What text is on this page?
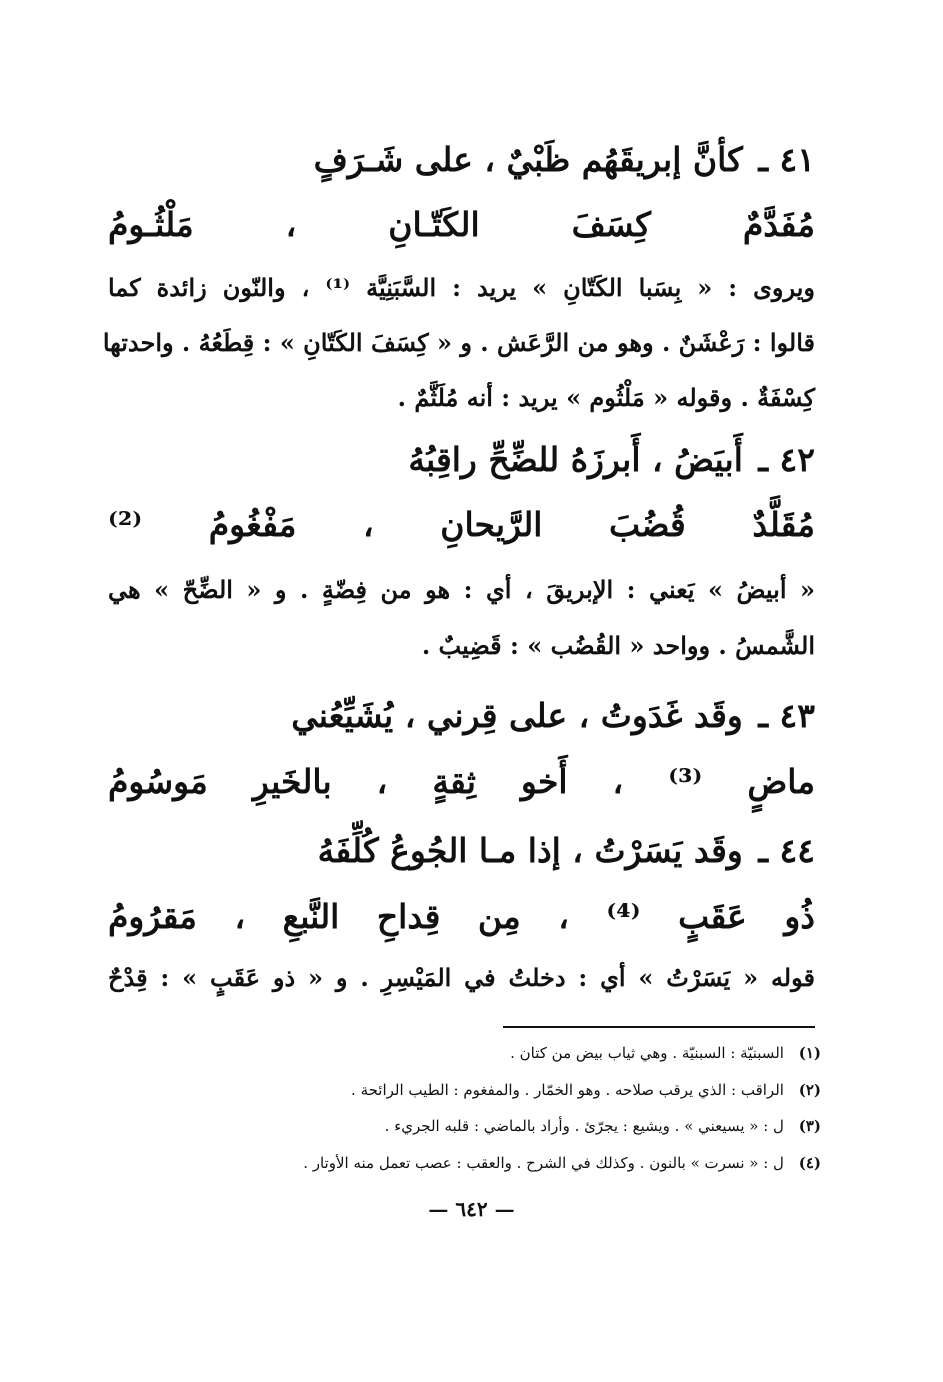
٤١ ـ كأنَّ إبريقَهُم ظَبْيٌ ، على شَـرَفٍ
مُفَدَّمٌ كِسَفَ الكَتّـانِ ، مَلْثُـومُ
ويروى : « بِسَبا الكَتّانِ » يريد : السَّبَنِيَّة ⁽¹⁾ ، والنّون زائدة كما
قالوا : رَعْشَنٌ . وهو من الرَّعَش . و « كِسَفَ الكَتّانِ » : قِطَعُهُ . واحدتها
كِسْفَةٌ . وقوله « مَلْثُوم » يريد : أنه مُلَثَّمٌ .
٤٢ ـ أَبيَضُ ، أَبرزَهُ للضِّحِّ راقِبُهُ
مُقَلَّدٌ قُضُبَ الرَّيحانِ ، مَفْغُومُ ⁽²⁾
« أبيضُ » يَعني : الإبريقَ ، أي : هو من فِضّةٍ . و « الضِّحّ » هي
الشَّمسُ . وواحد « القُضُب » : قَضِيبٌ .
٤٣ ـ وقَد غَدَوتُ ، على قِرني ، يُشَيِّعُني
ماضٍ ⁽³⁾ ، أَخو ثِقةٍ ، بالخَيرِ مَوسُومُ
٤٤ ـ وقَد يَسَرْتُ ، إذا مـا الجُوعُ كُلِّفَهُ
ذُو عَقَبٍ ⁽⁴⁾ ، مِن قِداحِ النَّبعِ ، مَقرُومُ
قوله « يَسَرْتُ » أي : دخلتُ في المَيْسِرِ . و « ذو عَقَبٍ » : قِدْحٌ
(١) السبنيّة : السبنيّة . وهي ثياب بيض من كتان .
(٢) الراقب : الذي يرقب صلاحه . وهو الخمّار . والمفغوم : الطيب الرائحة .
(٣) ل : « يسيعني » . ويشيع : يجرّئ . وأراد بالماضي : قلبه الجريء .
(٤) ل : « نسرت » بالنون . وكذلك في الشرح . والعقب : عصب تعمل منه الأوتار .
— ٦٤٢ —
